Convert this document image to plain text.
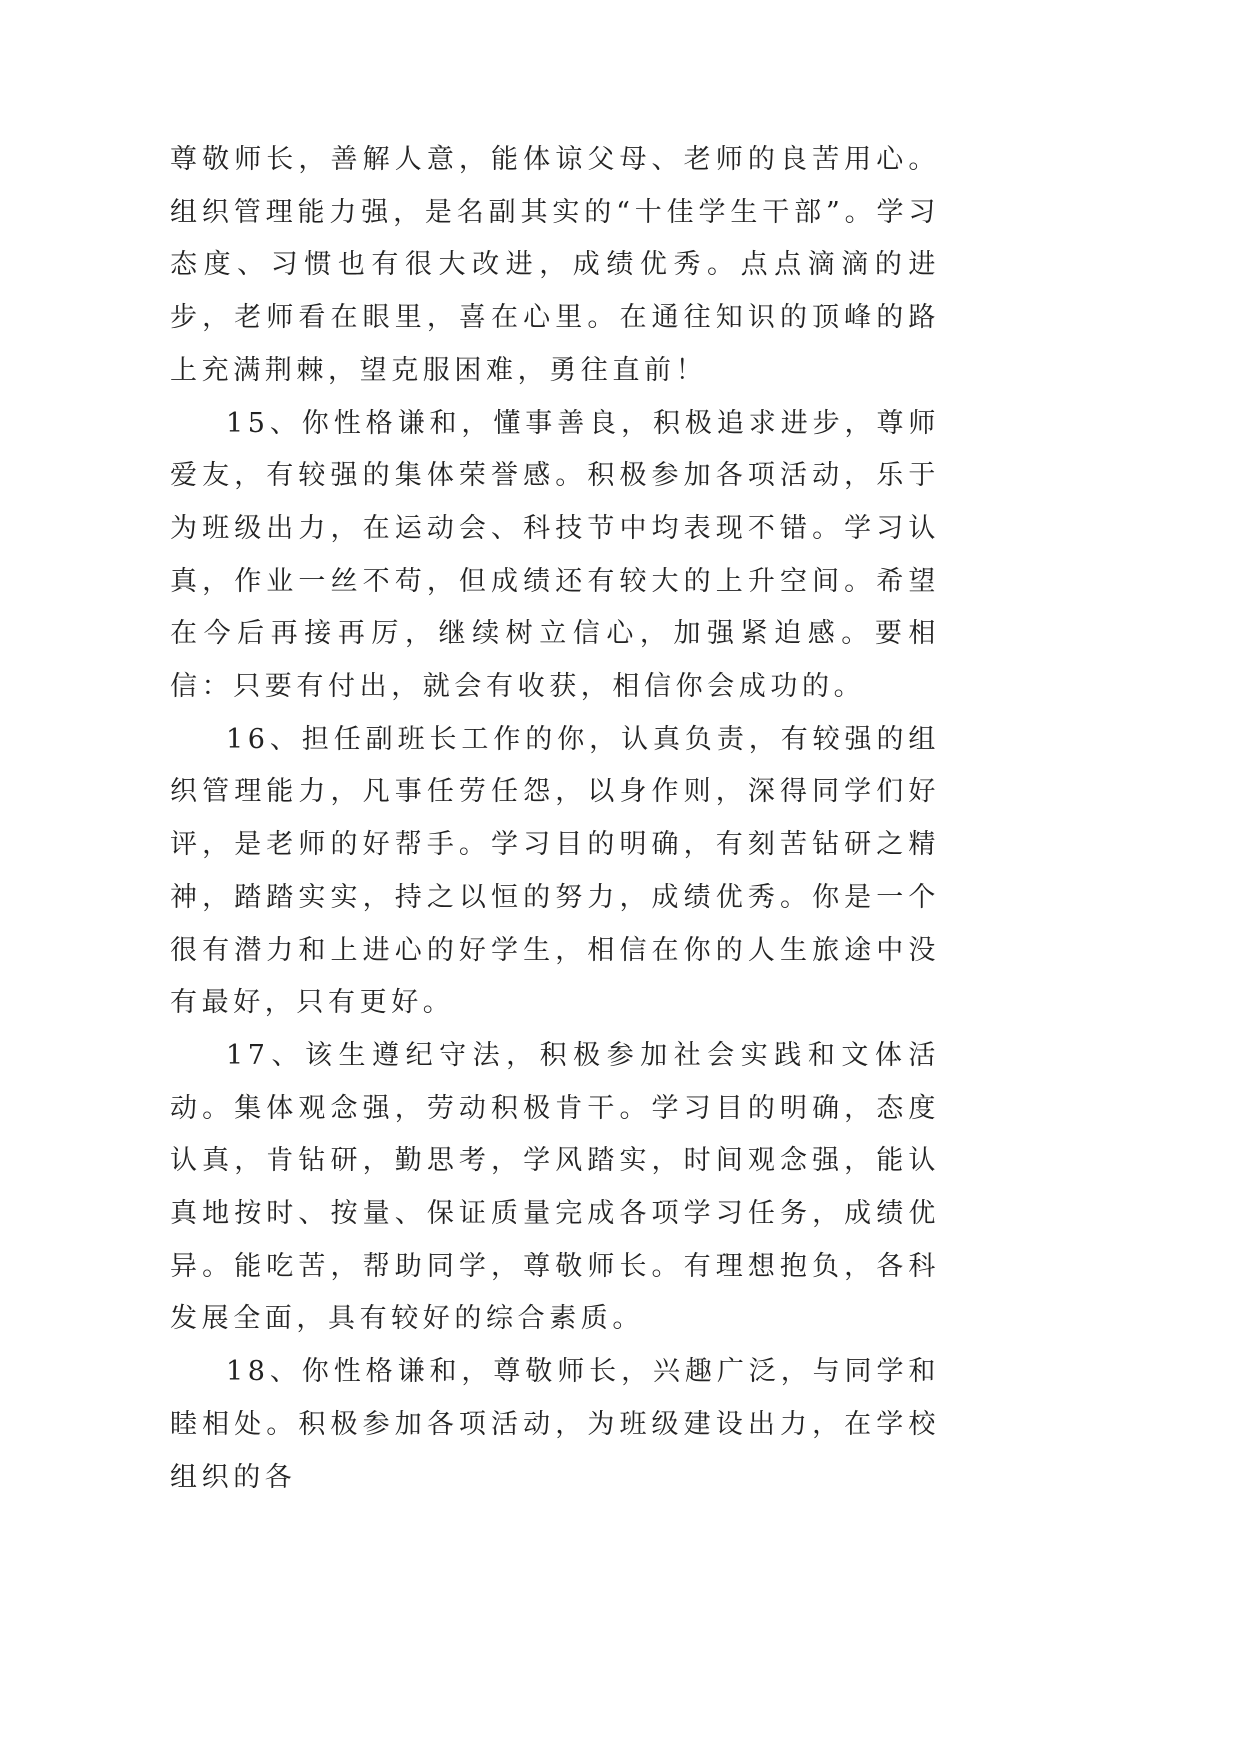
尊敬师长，善解人意，能体谅父母、老师的良苦用心。组织管理能力强，是名副其实的“十佳学生干部”。学习态度、习惯也有很大改进，成绩优秀。点点滴滴的进步，老师看在眼里，喜在心里。在通往知识的顶峰的路上充满荆棘，望克服困难，勇往直前！

15、你性格谦和，懂事善良，积极追求进步，尊师爱友，有较强的集体荣誉感。积极参加各项活动，乐于为班级出力，在运动会、科技节中均表现不错。学习认真，作业一丝不苟，但成绩还有较大的上升空间。希望在今后再接再厉，继续树立信心，加强紧迫感。要相信：只要有付出，就会有收获，相信你会成功的。

16、担任副班长工作的你，认真负责，有较强的组织管理能力，凡事任劳任怨，以身作则，深得同学们好评，是老师的好帮手。学习目的明确，有刻苦钻研之精神，踏踏实实，持之以恒的努力，成绩优秀。你是一个很有潜力和上进心的好学生，相信在你的人生旅途中没有最好，只有更好。

17、该生遵纪守法，积极参加社会实践和文体活动。集体观念强，劳动积极肯干。学习目的明确，态度认真，肯钻研，勤思考，学风踏实，时间观念强，能认真地按时、按量、保证质量完成各项学习任务，成绩优异。能吃苦，帮助同学，尊敬师长。有理想抱负，各科发展全面，具有较好的综合素质。

18、你性格谦和，尊敬师长，兴趣广泛，与同学和睦相处。积极参加各项活动，为班级建设出力，在学校组织的各
